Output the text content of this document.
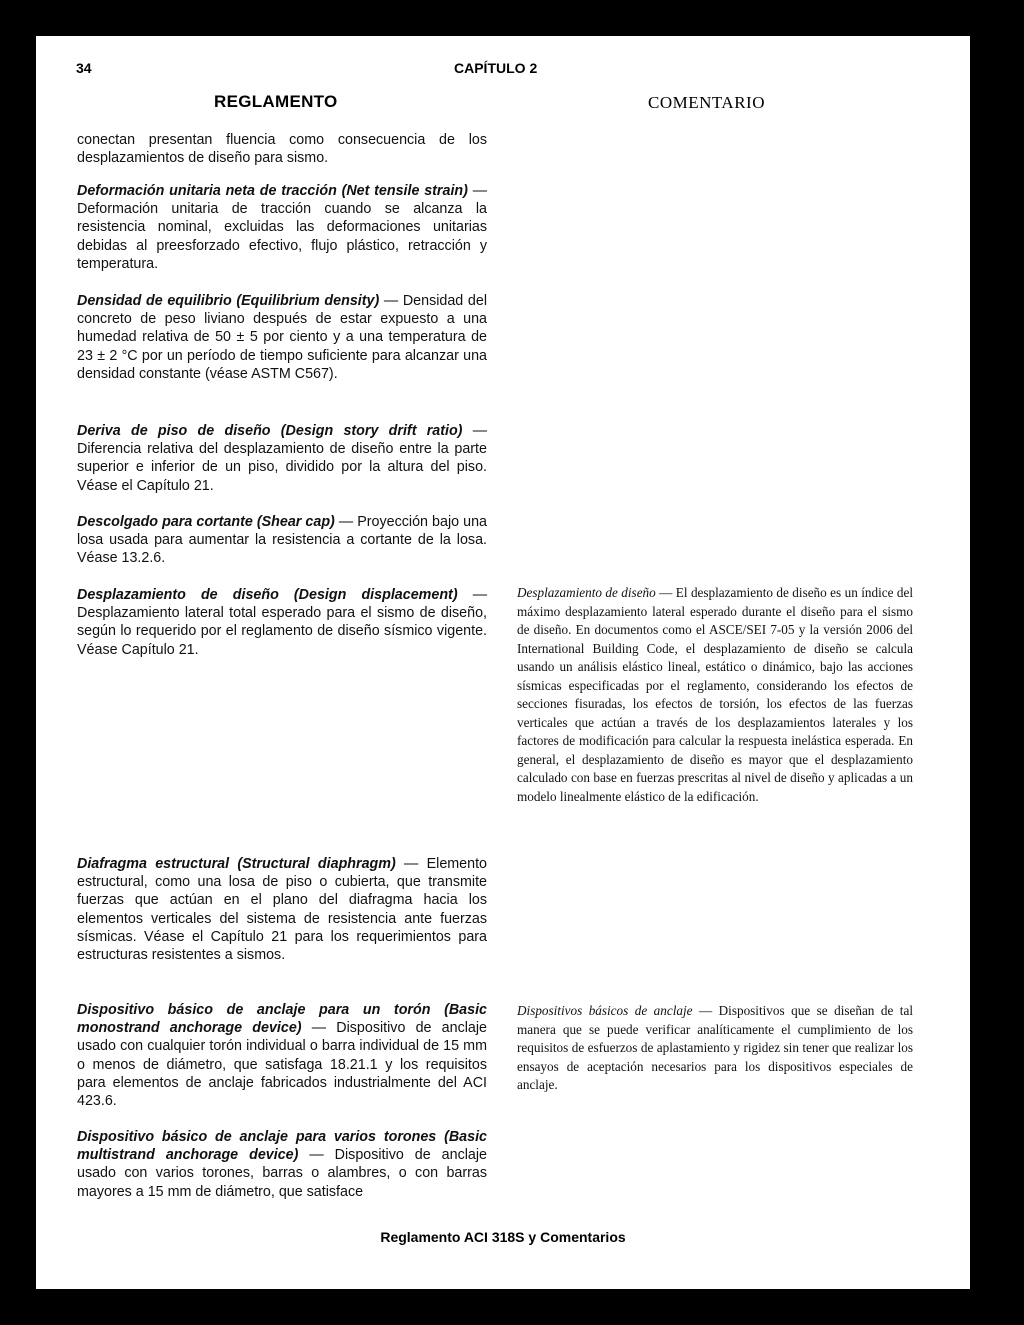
34	CAPÍTULO 2
REGLAMENTO	COMENTARIO

conectan presentan fluencia como consecuencia de los desplazamientos de diseño para sismo.

Deformación unitaria neta de tracción (Net tensile strain) — Deformación unitaria de tracción cuando se alcanza la resistencia nominal, excluidas las deformaciones unitarias debidas al preesforzado efectivo, flujo plástico, retracción y temperatura.

Densidad de equilibrio (Equilibrium density) — Densidad del concreto de peso liviano después de estar expuesto a una humedad relativa de 50 ± 5 por ciento y a una temperatura de 23 ± 2 °C por un período de tiempo suficiente para alcanzar una densidad constante (véase ASTM C567).

Deriva de piso de diseño (Design story drift ratio) — Diferencia relativa del desplazamiento de diseño entre la parte superior e inferior de un piso, dividido por la altura del piso. Véase el Capítulo 21.

Descolgado para cortante (Shear cap) — Proyección bajo una losa usada para aumentar la resistencia a cortante de la losa. Véase 13.2.6.

Desplazamiento de diseño (Design displacement) — Desplazamiento lateral total esperado para el sismo de diseño, según lo requerido por el reglamento de diseño sísmico vigente. Véase Capítulo 21.

Diafragma estructural (Structural diaphragm) — Elemento estructural, como una losa de piso o cubierta, que transmite fuerzas que actúan en el plano del diafragma hacia los elementos verticales del sistema de resistencia ante fuerzas sísmicas. Véase el Capítulo 21 para los requerimientos para estructuras resistentes a sismos.

Dispositivo básico de anclaje para un torón (Basic monostrand anchorage device) — Dispositivo de anclaje usado con cualquier torón individual o barra individual de 15 mm o menos de diámetro, que satisfaga 18.21.1 y los requisitos para elementos de anclaje fabricados industrialmente del ACI 423.6.

Dispositivo básico de anclaje para varios torones (Basic multistrand anchorage device) — Dispositivo de anclaje usado con varios torones, barras o alambres, o con barras mayores a 15 mm de diámetro, que satisface

Desplazamiento de diseño — El desplazamiento de diseño es un índice del máximo desplazamiento lateral esperado durante el diseño para el sismo de diseño. En documentos como el ASCE/SEI 7-05 y la versión 2006 del International Building Code, el desplazamiento de diseño se calcula usando un análisis elástico lineal, estático o dinámico, bajo las acciones sísmicas especificadas por el reglamento, considerando los efectos de secciones fisuradas, los efectos de torsión, los efectos de las fuerzas verticales que actúan a través de los desplazamientos laterales y los factores de modificación para calcular la respuesta inelástica esperada. En general, el desplazamiento de diseño es mayor que el desplazamiento calculado con base en fuerzas prescritas al nivel de diseño y aplicadas a un modelo linealmente elástico de la edificación.

Dispositivos básicos de anclaje — Dispositivos que se diseñan de tal manera que se puede verificar analíticamente el cumplimiento de los requisitos de esfuerzos de aplastamiento y rigidez sin tener que realizar los ensayos de aceptación necesarios para los dispositivos especiales de anclaje.

Reglamento ACI 318S y Comentarios
